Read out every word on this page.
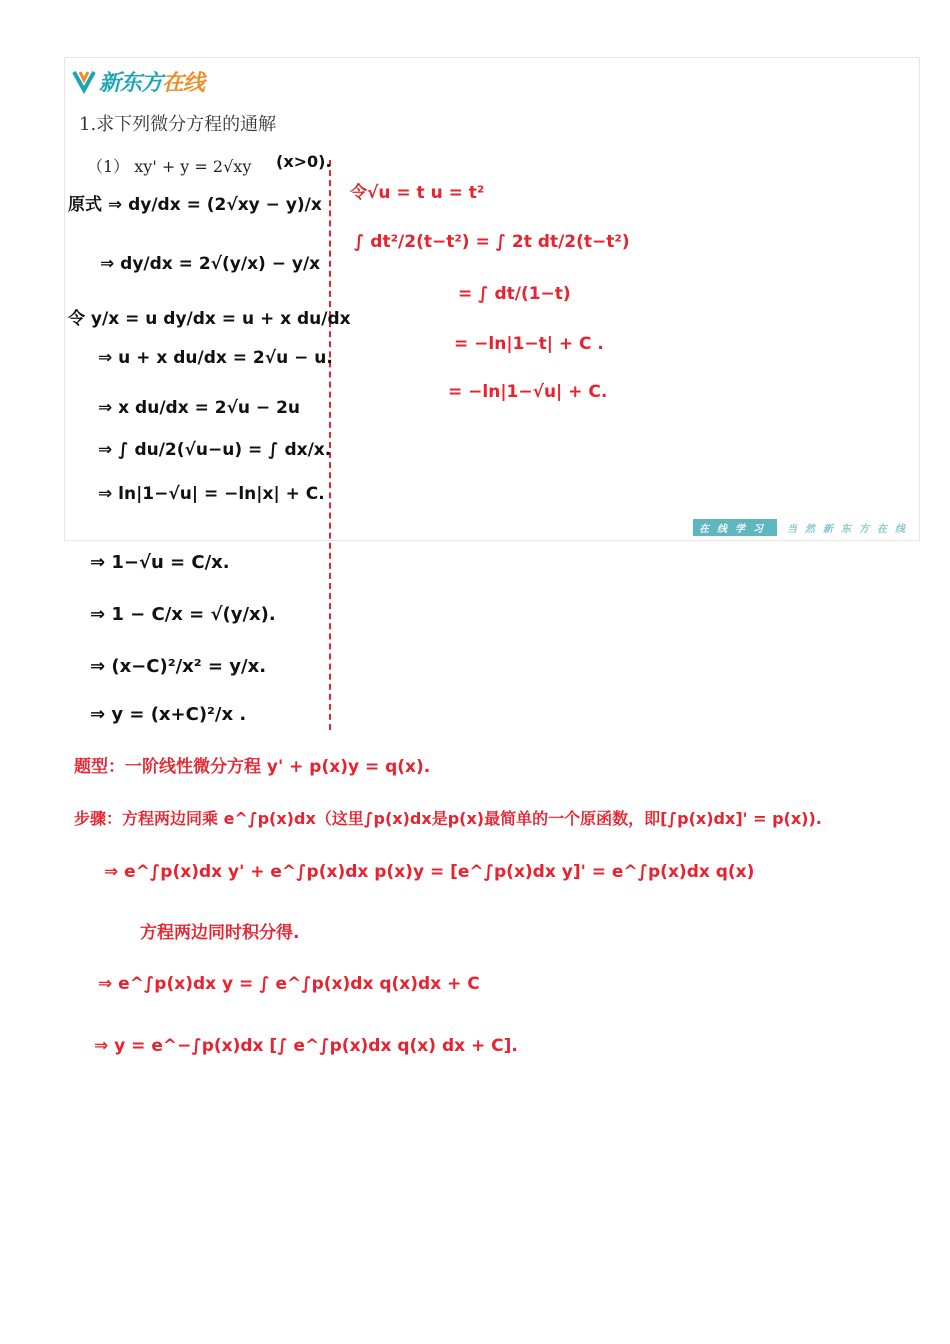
新东方 在线
1.求下列微分方程的通解
（1） xy' + y = 2√xy
在线学习	当然新东方在线
(x>0).
原式 ⇒ dy/dx = (2√xy − y)/x
⇒ dy/dx = 2√(y/x) − y/x
令 y/x = u dy/dx = u + x du/dx
⇒ u + x du/dx = 2√u − u.
⇒ x du/dx = 2√u − 2u
⇒ ∫ du/2(√u−u) = ∫ dx/x.
⇒ ln|1−√u| = −ln|x| + C.
⇒ 1−√u = C/x.
⇒ 1 − C/x = √(y/x).
⇒ (x−C)²/x² = y/x.
⇒ y = (x+C)²/x .
令√u = t u = t²
∫ dt²/2(t−t²) = ∫ 2t dt/2(t−t²)
= ∫ dt/(1−t)
= −ln|1−t| + C .
= −ln|1−√u| + C.
题型：一阶线性微分方程 y' + p(x)y = q(x).
步骤：方程两边同乘 e^∫p(x)dx（这里∫p(x)dx是p(x)最简单的一个原函数，即[∫p(x)dx]' = p(x)).
⇒ e^∫p(x)dx y' + e^∫p(x)dx p(x)y = [e^∫p(x)dx y]' = e^∫p(x)dx q(x)
方程两边同时积分得.
⇒ e^∫p(x)dx y = ∫ e^∫p(x)dx q(x)dx + C
⇒ y = e^−∫p(x)dx [∫ e^∫p(x)dx q(x) dx + C].
